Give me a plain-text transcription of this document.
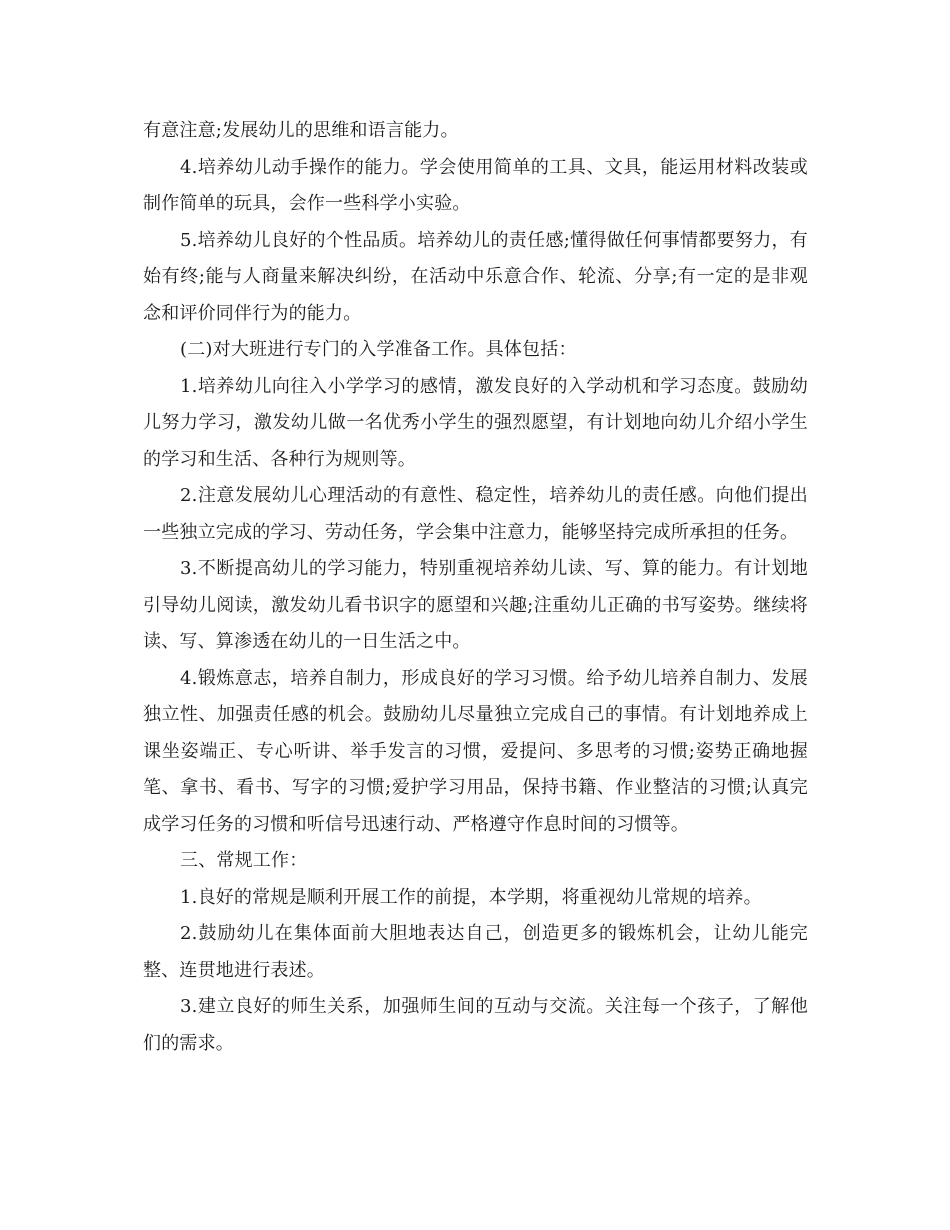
有意注意;发展幼儿的思维和语言能力。

4.培养幼儿动手操作的能力。学会使用简单的工具、文具，能运用材料改装或制作简单的玩具，会作一些科学小实验。

5.培养幼儿良好的个性品质。培养幼儿的责任感;懂得做任何事情都要努力，有始有终;能与人商量来解决纠纷，在活动中乐意合作、轮流、分享;有一定的是非观念和评价同伴行为的能力。

(二)对大班进行专门的入学准备工作。具体包括：

1.培养幼儿向往入小学学习的感情，激发良好的入学动机和学习态度。鼓励幼儿努力学习，激发幼儿做一名优秀小学生的强烈愿望，有计划地向幼儿介绍小学生的学习和生活、各种行为规则等。

2.注意发展幼儿心理活动的有意性、稳定性，培养幼儿的责任感。向他们提出一些独立完成的学习、劳动任务，学会集中注意力，能够坚持完成所承担的任务。

3.不断提高幼儿的学习能力，特别重视培养幼儿读、写、算的能力。有计划地引导幼儿阅读，激发幼儿看书识字的愿望和兴趣;注重幼儿正确的书写姿势。继续将读、写、算渗透在幼儿的一日生活之中。

4.锻炼意志，培养自制力，形成良好的学习习惯。给予幼儿培养自制力、发展独立性、加强责任感的机会。鼓励幼儿尽量独立完成自己的事情。有计划地养成上课坐姿端正、专心听讲、举手发言的习惯，爱提问、多思考的习惯;姿势正确地握笔、拿书、看书、写字的习惯;爱护学习用品，保持书籍、作业整洁的习惯;认真完成学习任务的习惯和听信号迅速行动、严格遵守作息时间的习惯等。

三、常规工作：

1.良好的常规是顺利开展工作的前提，本学期，将重视幼儿常规的培养。

2.鼓励幼儿在集体面前大胆地表达自己，创造更多的锻炼机会，让幼儿能完整、连贯地进行表述。

3.建立良好的师生关系，加强师生间的互动与交流。关注每一个孩子，了解他们的需求。
